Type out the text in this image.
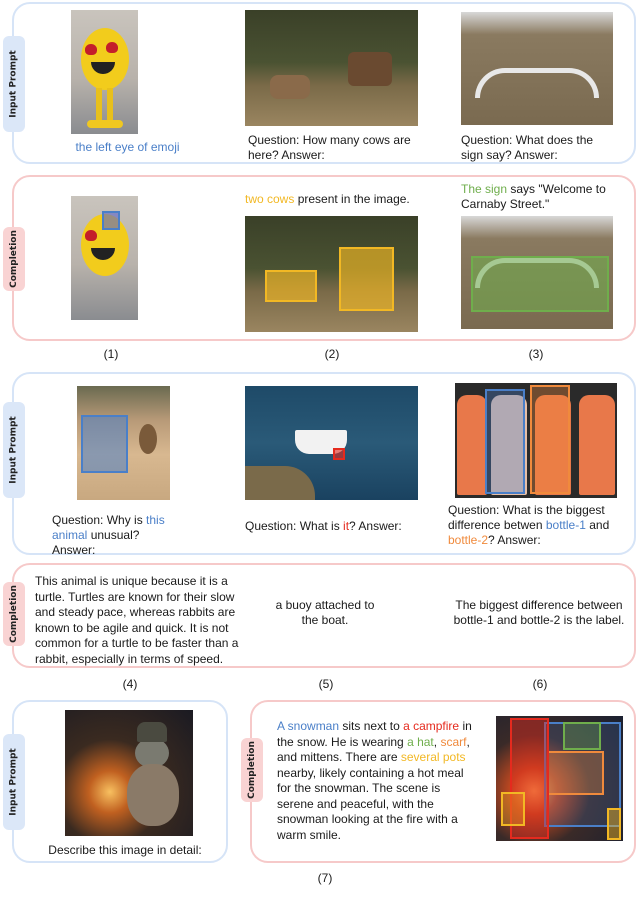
Input Prompt
the left eye of emoji	Question: How many cows are here? Answer:
Question: What does the sign say? Answer:
Completion
two cows present in the image.
The sign says "Welcome to Carnaby Street."
(1)	(2)	(3)
Input Prompt
Question: Why is this animal unusual? Answer:
Question: What is it? Answer:
Question: What is the biggest difference betwen bottle-1 and bottle-2? Answer:
Completion
This animal is unique because it is a turtle. Turtles are known for their slow and steady pace, whereas rabbits are known to be agile and quick. It is not common for a turtle to be faster than a rabbit, especially in terms of speed.
a buoy attached to the boat.
The biggest difference between bottle-1 and bottle-2 is the label.
(4)	(5)	(6)
Input Prompt
Describe this image in detail:
Completion
A snowman sits next to a campfire in the snow. He is wearing a hat, scarf, and mittens. There are several pots nearby, likely containing a hot meal for the snowman. The scene is serene and peaceful, with the snowman looking at the fire with a warm smile.
(7)
